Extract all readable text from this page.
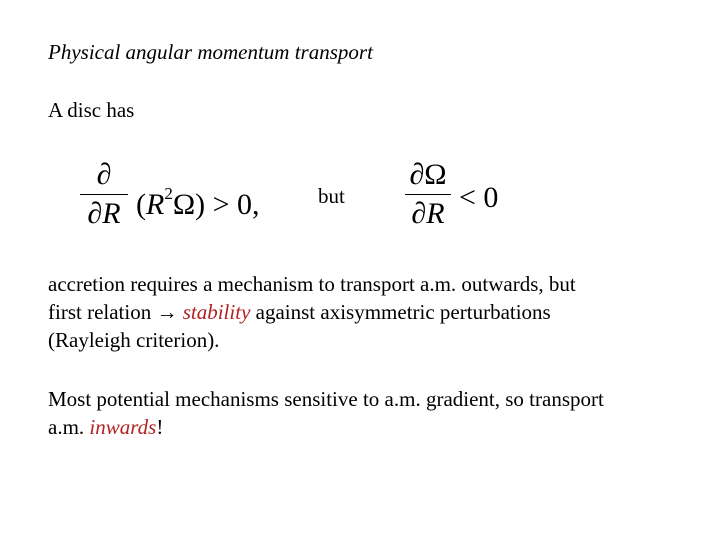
Physical angular momentum transport
A disc has
∂
∂R $(R^2\Omega) > 0$,	but
∂Ω
∂R < 0
accretion requires a mechanism to transport a.m. outwards, but
first relation → stability against axisymmetric perturbations
(Rayleigh criterion).
Most potential mechanisms sensitive to a.m. gradient, so transport
a.m. inwards!
